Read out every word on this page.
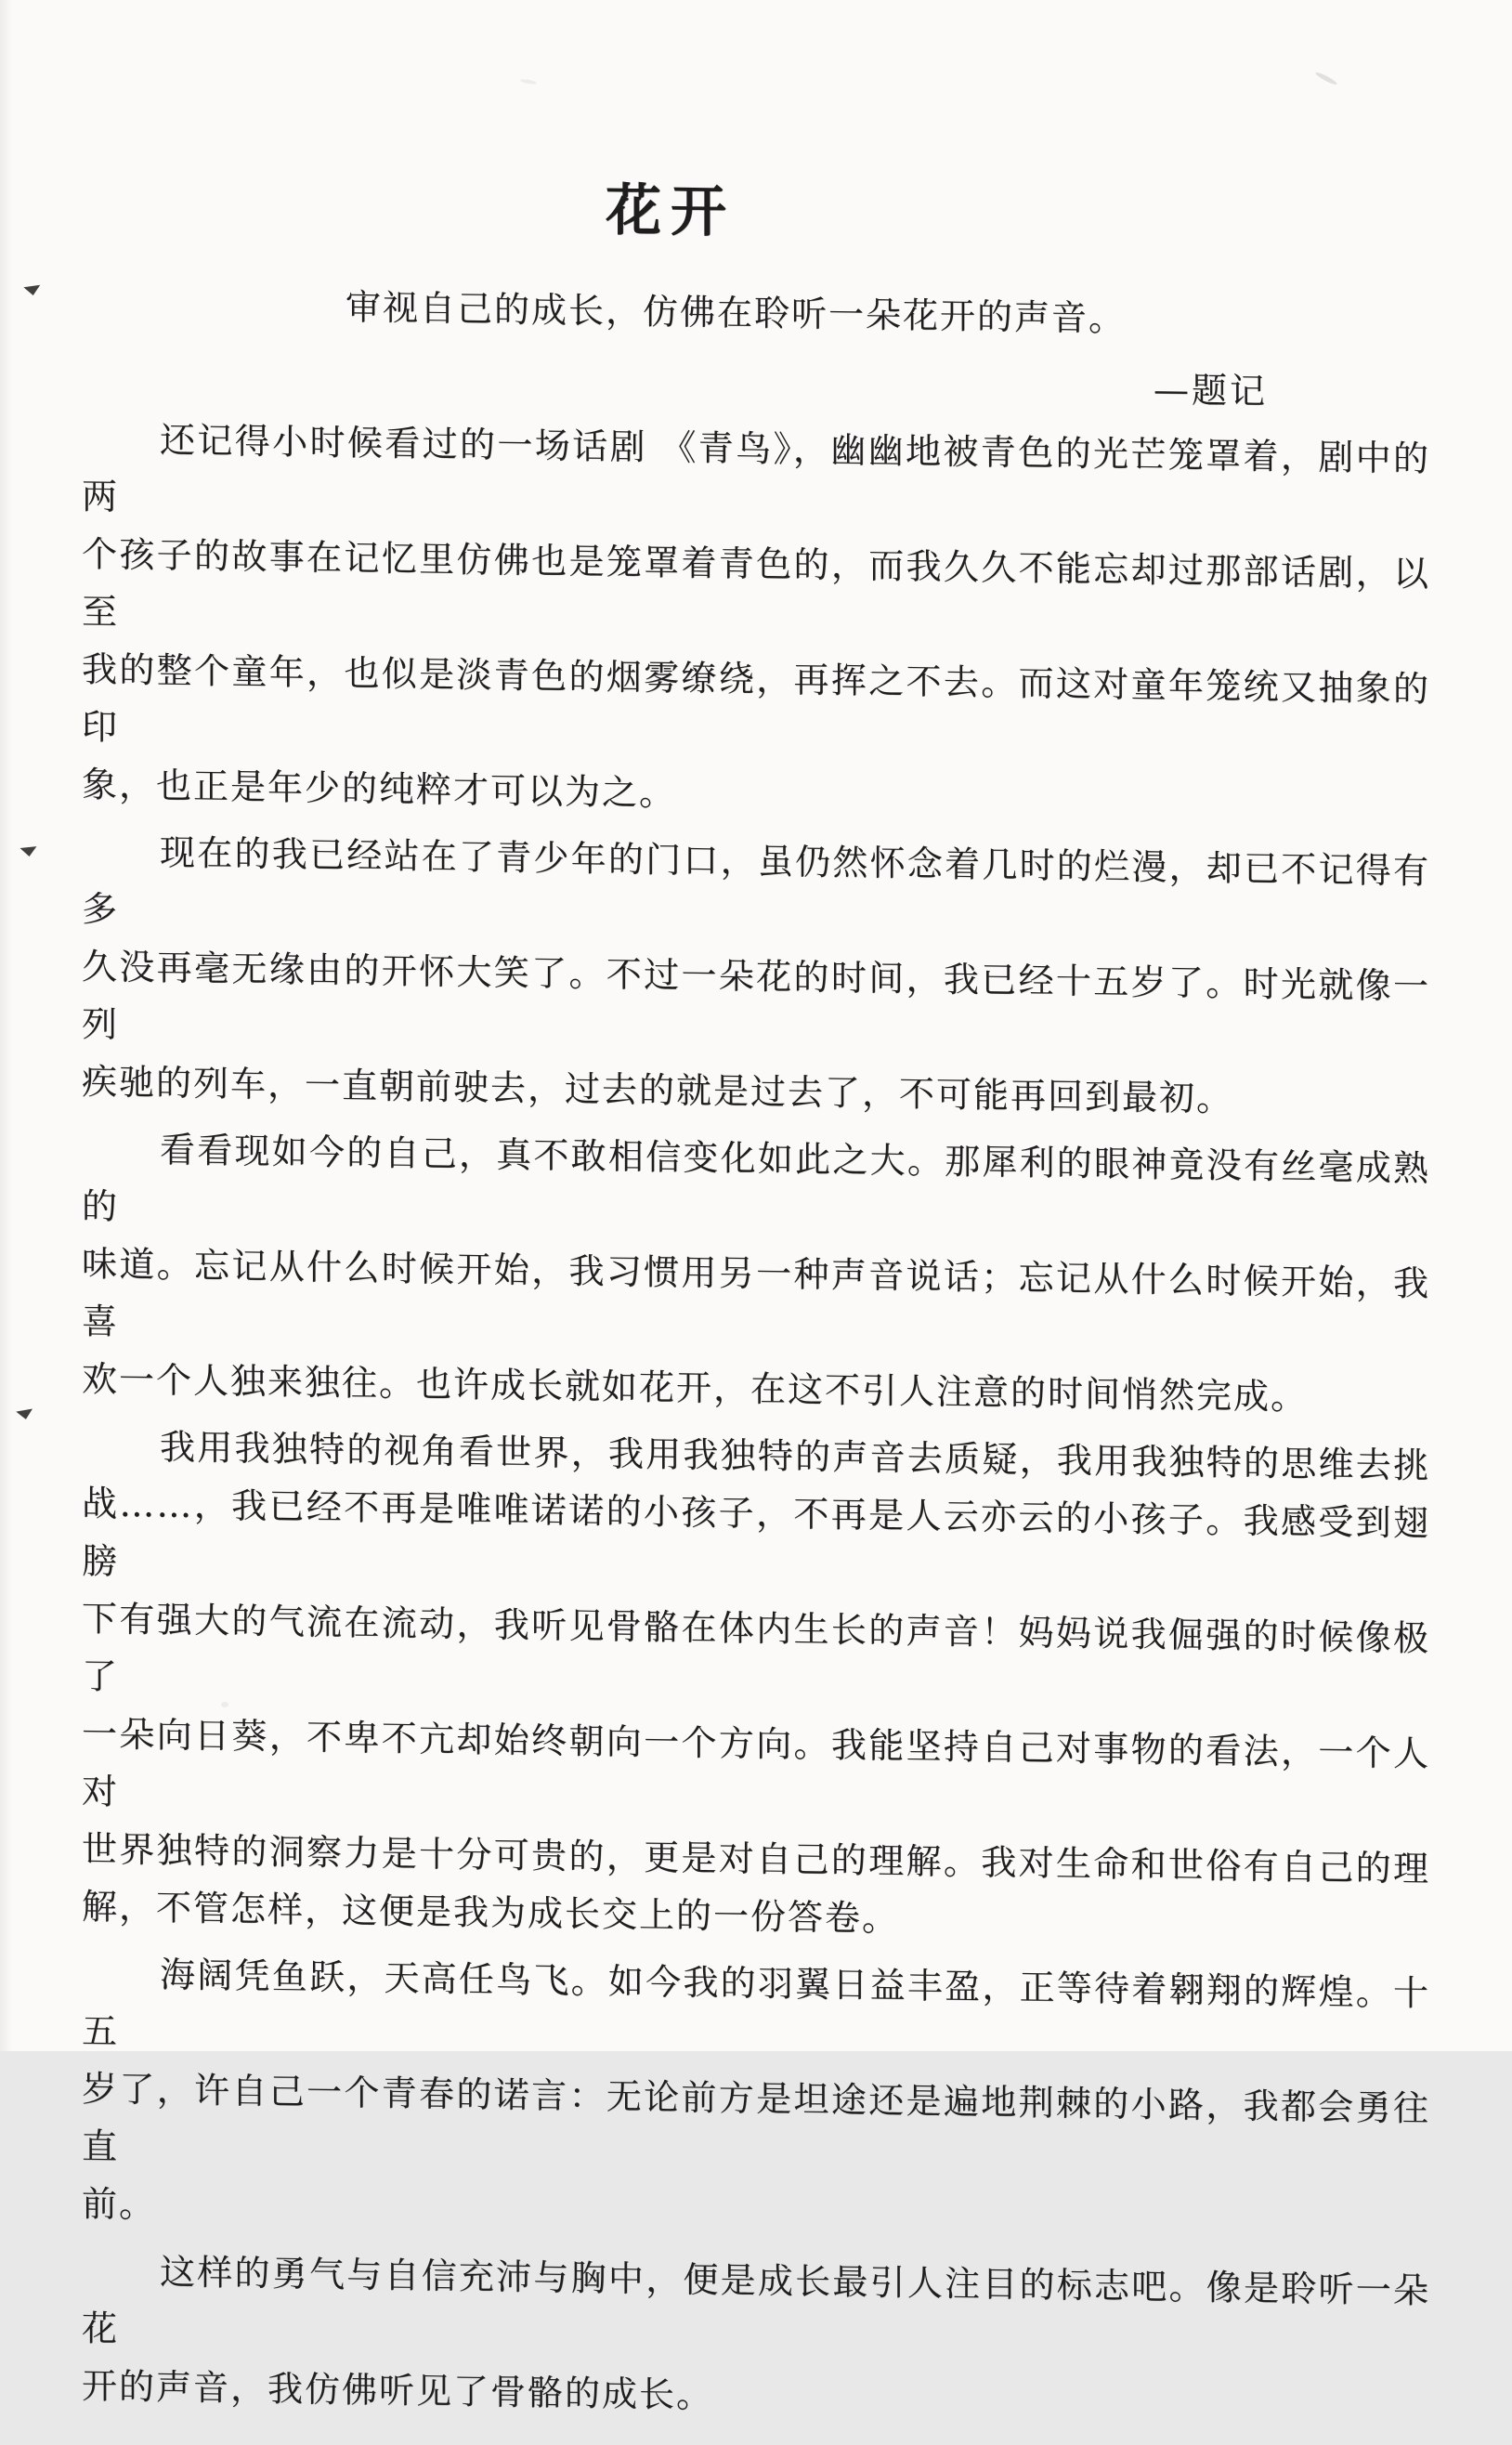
花开

审视自己的成长，仿佛在聆听一朵花开的声音。

—题记

还记得小时候看过的一场话剧 《青鸟》，幽幽地被青色的光芒笼罩着，剧中的两
个孩子的故事在记忆里仿佛也是笼罩着青色的，而我久久不能忘却过那部话剧，以至
我的整个童年，也似是淡青色的烟雾缭绕，再挥之不去。而这对童年笼统又抽象的印
象，也正是年少的纯粹才可以为之。
现在的我已经站在了青少年的门口，虽仍然怀念着几时的烂漫，却已不记得有多
久没再毫无缘由的开怀大笑了。不过一朵花的时间，我已经十五岁了。时光就像一列
疾驰的列车，一直朝前驶去，过去的就是过去了，不可能再回到最初。
看看现如今的自己，真不敢相信变化如此之大。那犀利的眼神竟没有丝毫成熟的
味道。忘记从什么时候开始，我习惯用另一种声音说话；忘记从什么时候开始，我喜
欢一个人独来独往。也许成长就如花开，在这不引人注意的时间悄然完成。
我用我独特的视角看世界，我用我独特的声音去质疑，我用我独特的思维去挑
战……，我已经不再是唯唯诺诺的小孩子，不再是人云亦云的小孩子。我感受到翅膀
下有强大的气流在流动，我听见骨骼在体内生长的声音！妈妈说我倔强的时候像极了
一朵向日葵，不卑不亢却始终朝向一个方向。我能坚持自己对事物的看法，一个人对
世界独特的洞察力是十分可贵的，更是对自己的理解。我对生命和世俗有自己的理
解，不管怎样，这便是我为成长交上的一份答卷。
海阔凭鱼跃，天高任鸟飞。如今我的羽翼日益丰盈，正等待着翱翔的辉煌。十五
岁了，许自己一个青春的诺言：无论前方是坦途还是遍地荆棘的小路，我都会勇往直
前。
这样的勇气与自信充沛与胸中，便是成长最引人注目的标志吧。像是聆听一朵花
开的声音，我仿佛听见了骨骼的成长。
